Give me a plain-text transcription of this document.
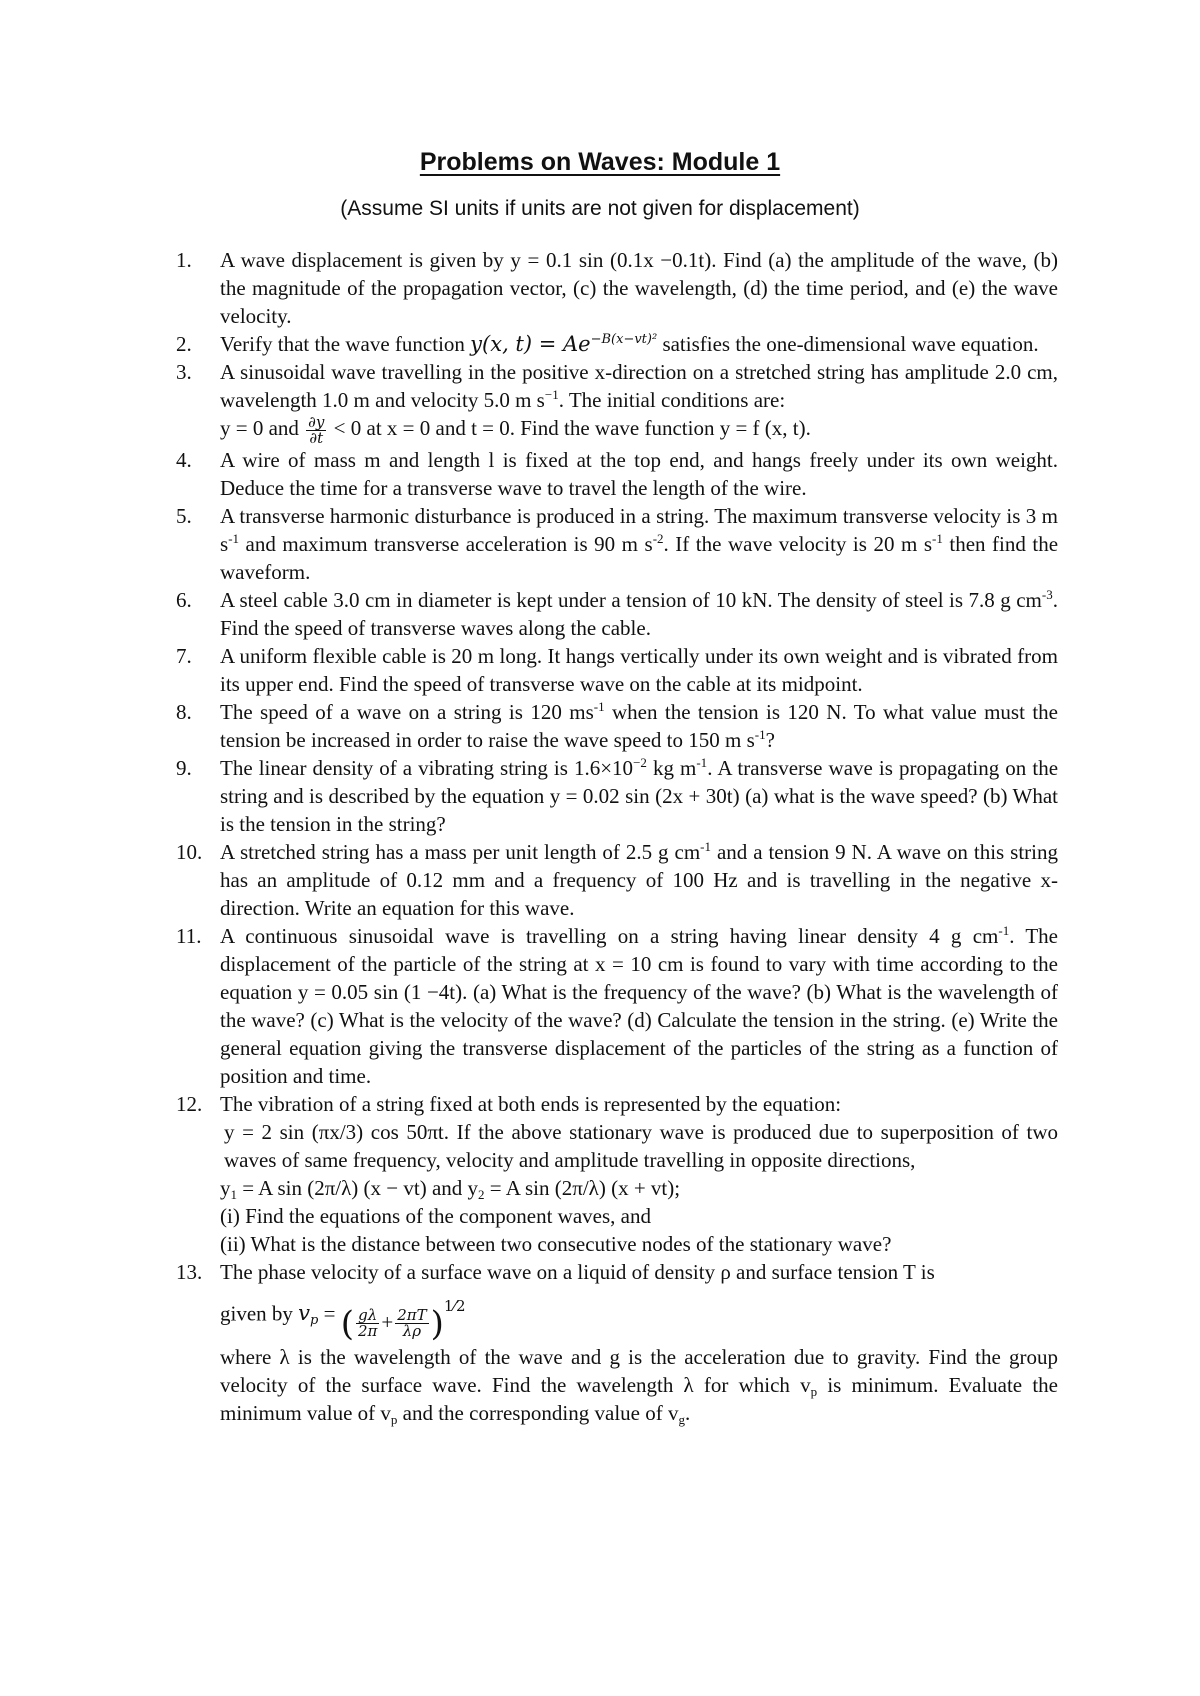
Problems on Waves: Module 1
(Assume SI units if units are not given for displacement)
1.	A wave displacement is given by y = 0.1 sin (0.1x −0.1t). Find (a) the amplitude of the wave, (b) the magnitude of the propagation vector, (c) the wavelength, (d) the time period, and (e) the wave velocity.
2.	Verify that the wave function y(x, $t) = Ae^{-B(x-vt)^2}$ satisfies the one-dimensional wave equation.
3.	A sinusoidal wave travelling in the positive x-direction on a stretched string has amplitude 2.0 cm, wavelength 1.0 m and velocity 5.0 m $s^{-1}$. The initial conditions are:
y = 0 and $\frac{\partial y}{\partial t} < 0$ at x = 0 and t = 0. Find the wave function y = f (x, t).
4.	A wire of mass m and length l is fixed at the top end, and hangs freely under its own weight. Deduce the time for a transverse wave to travel the length of the wire.
5.	A transverse harmonic disturbance is produced in a string. The maximum transverse velocity is 3 m $s^{-1}$ and maximum transverse acceleration is 90 m $s^{-2}$. If the wave velocity is 20 m $s^{-1}$ then find the waveform.
6.	A steel cable 3.0 cm in diameter is kept under a tension of 10 kN. The density of steel is 7.8 g $cm^{-3}$. Find the speed of transverse waves along the cable.
7.	A uniform flexible cable is 20 m long. It hangs vertically under its own weight and is vibrated from its upper end. Find the speed of transverse wave on the cable at its midpoint.
8.	The speed of a wave on a string is 120 $ms^{-1}$ when the tension is 120 N. To what value must the tension be increased in order to raise the wave speed to 150 m $s^{-1}$?
9.	The linear density of a vibrating string is $1.6\times 10^{-2}$ kg $m^{-1}$. A transverse wave is propagating on the string and is described by the equation y = 0.02 sin (2x + 30t) (a) what is the wave speed? (b) What is the tension in the string?
10. A stretched string has a mass per unit length of 2.5 g $cm^{-1}$ and a tension 9 N. A wave on this string has an amplitude of 0.12 mm and a frequency of 100 Hz and is travelling in the negative x-direction. Write an equation for this wave.
11. A continuous sinusoidal wave is travelling on a string having linear density 4 g $cm^{-1}$. The displacement of the particle of the string at x = 10 cm is found to vary with time according to the equation y = 0.05 sin (1 −4t). (a) What is the frequency of the wave? (b) What is the wavelength of the wave? (c) What is the velocity of the wave? (d) Calculate the tension in the string. (e) Write the general equation giving the transverse displacement of the particles of the string as a function of position and time.
12. The vibration of a string fixed at both ends is represented by the equation:
y = 2 sin (πx/3) cos 50πt. If the above stationary wave is produced due to superposition of two waves of same frequency, velocity and amplitude travelling in opposite directions,
$y_1 = A$ sin (2π/λ) (x − vt) and $y_2 = A$ sin (2π/λ) (x + vt);
(i) Find the equations of the component waves, and
(ii) What is the distance between two consecutive nodes of the stationary wave?
13. The phase velocity of a surface wave on a liquid of density ρ and surface tension T is
given by $v_p$ = ( $\frac{g\lambda}{2\pi} + \frac{2\pi T}{\lambda\rho} )^{1⁄2}$
where λ is the wavelength of the wave and g is the acceleration due to gravity. Find the group velocity of the surface wave. Find the wavelength λ for which $v_p$ is minimum. Evaluate the minimum value of $v_p$ and the corresponding value of $v_g$.
